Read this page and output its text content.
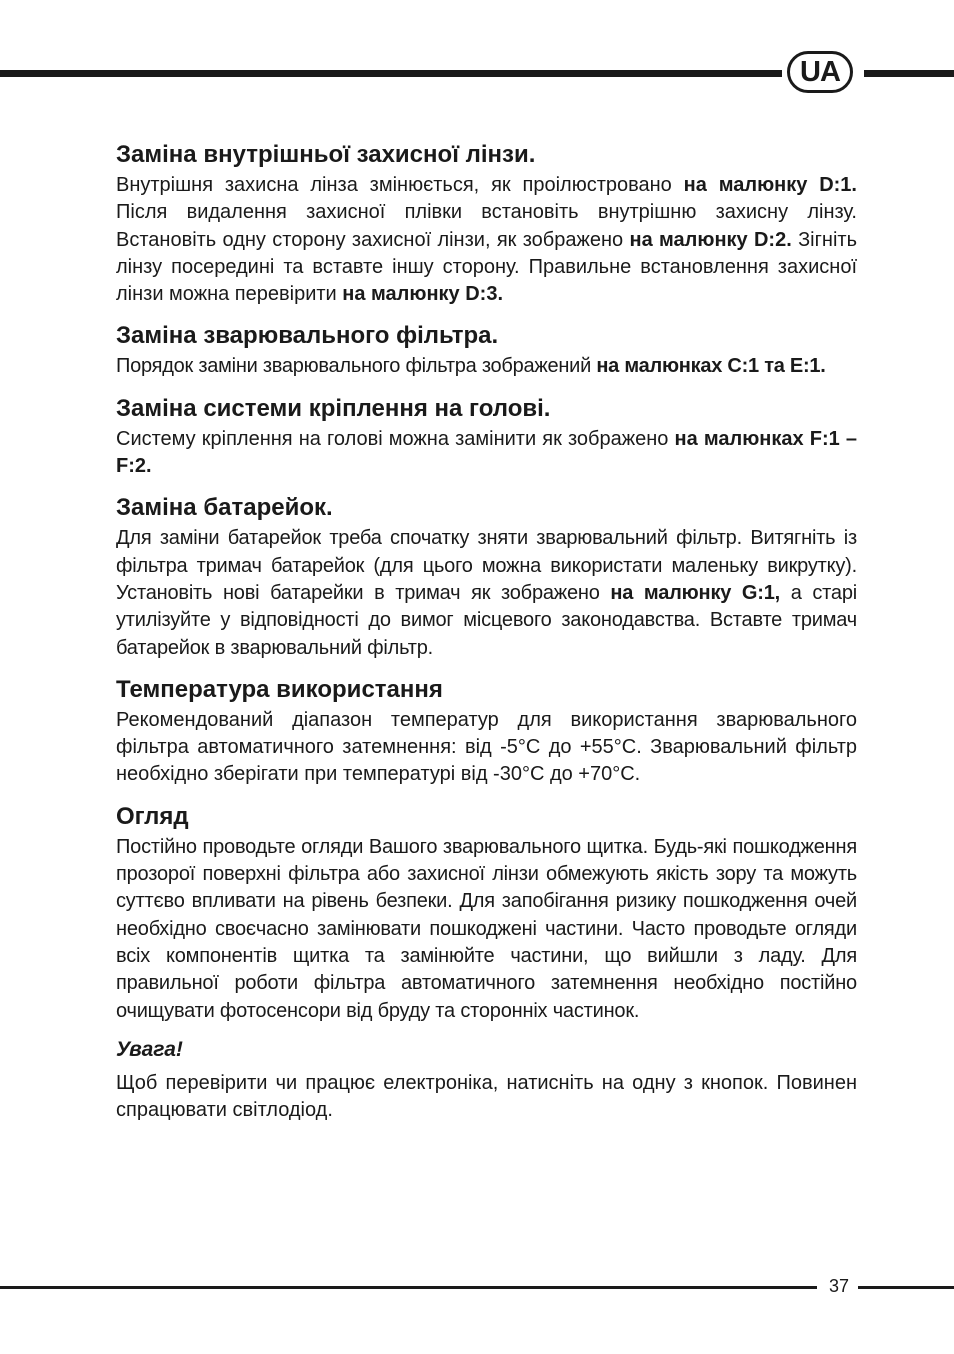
UA
Заміна внутрішньої захисної лінзи.

Внутрішня захисна лінза змінюється, як проілюстровано на малюнку D:1. Після видалення захисної плівки встановіть внутрішню захисну лінзу. Встановіть одну сторону захисної лінзи, як зображено на малюнку D:2. Зігніть лінзу посередині та вставте іншу сторону. Правильне встановлення захисної лінзи можна перевірити на малюнку D:3.

Заміна зварювального фільтра.

Порядок заміни зварювального фільтра зображений на малюнках C:1 та E:1.

Заміна системи кріплення на голові.

Систему кріплення на голові можна замінити як зображено на малюнках F:1 – F:2.

Заміна батарейок.

Для заміни батарейок треба спочатку зняти зварювальний фільтр. Витягніть із фільтра тримач батарейок (для цього можна використати маленьку викрутку). Установіть нові батарейки в тримач як зображено на малюнку G:1, а старі утилізуйте у відповідності до вимог місцевого законодавства. Вставте тримач батарейок в зварювальний фільтр.

Температура використання

Рекомендований діапазон температур для використання зварювального фільтра автоматичного затемнення: від -5°С до +55°С. Зварювальний фільтр необхідно зберігати при температурі від -30°С до +70°С.

Огляд

Постійно проводьте огляди Вашого зварювального щитка. Будь-які пошкодження прозорої поверхні фільтра або захисної лінзи обмежують якість зору та можуть суттєво впливати на рівень безпеки. Для запобігання ризику пошкодження очей необхідно своєчасно замінювати пошкоджені частини. Часто проводьте огляди всіх компонентів щитка та замінюйте частини, що вийшли з ладу. Для правильної роботи фільтра автоматичного затемнення необхідно постійно очищувати фотосенсори від бруду та сторонніх частинок.

Увага!

Щоб перевірити чи працює електроніка, натисніть на одну з кнопок. Повинен спрацювати світлодіод.

37
